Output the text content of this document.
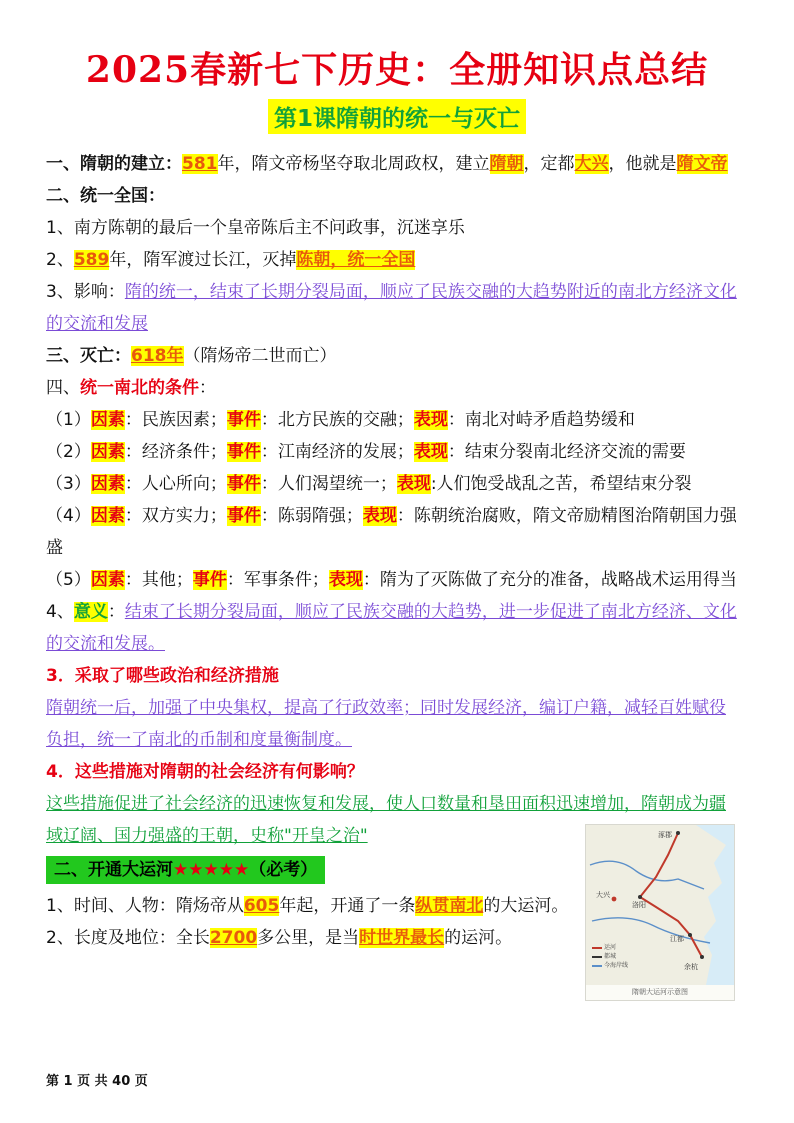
2025春新七下历史：全册知识点总结
第1课隋朝的统一与灭亡
一、隋朝的建立：581年，隋文帝杨坚夺取北周政权，建立隋朝，定都大兴，他就是隋文帝
二、统一全国：
1、南方陈朝的最后一个皇帝陈后主不问政事，沉迷享乐
2、589年，隋军渡过长江，灭掉陈朝，统一全国
3、影响：隋的统一，结束了长期分裂局面，顺应了民族交融的大趋势附近的南北方经济文化的交流和发展
三、灭亡：618年（隋炀帝二世而亡）
四、统一南北的条件：
（1）因素：民族因素；事件：北方民族的交融；表现：南北对峙矛盾趋势缓和
（2）因素：经济条件；事件：江南经济的发展；表现：结束分裂南北经济交流的需要
（3）因素：人心所向；事件：人们渴望统一；表现:人们饱受战乱之苦，希望结束分裂
（4）因素：双方实力；事件：陈弱隋强；表现：陈朝统治腐败，隋文帝励精图治隋朝国力强盛
（5）因素：其他；事件：军事条件；表现：隋为了灭陈做了充分的准备，战略战术运用得当
4、意义：结束了长期分裂局面，顺应了民族交融的大趋势，进一步促进了南北方经济、文化的交流和发展。
3．采取了哪些政治和经济措施
隋朝统一后，加强了中央集权，提高了行政效率；同时发展经济，编订户籍，减轻百姓赋役负担，统一了南北的币制和度量衡制度。
4．这些措施对隋朝的社会经济有何影响？
这些措施促进了社会经济的迅速恢复和发展，使人口数量和垦田面积迅速增加，隋朝成为疆域辽阔、国力强盛的王朝，史称"开皇之治"
二、开通大运河★★★★★（必考）
1、时间、人物：隋炀帝从605年起，开通了一条纵贯南北的大运河。
2、长度及地位：全长2700多公里，是当时世界最长的运河。
涿郡
洛阳
大兴
江都
余杭
运河
都城
今海岸线
隋朝大运河示意图
第 1 页 共 40 页
